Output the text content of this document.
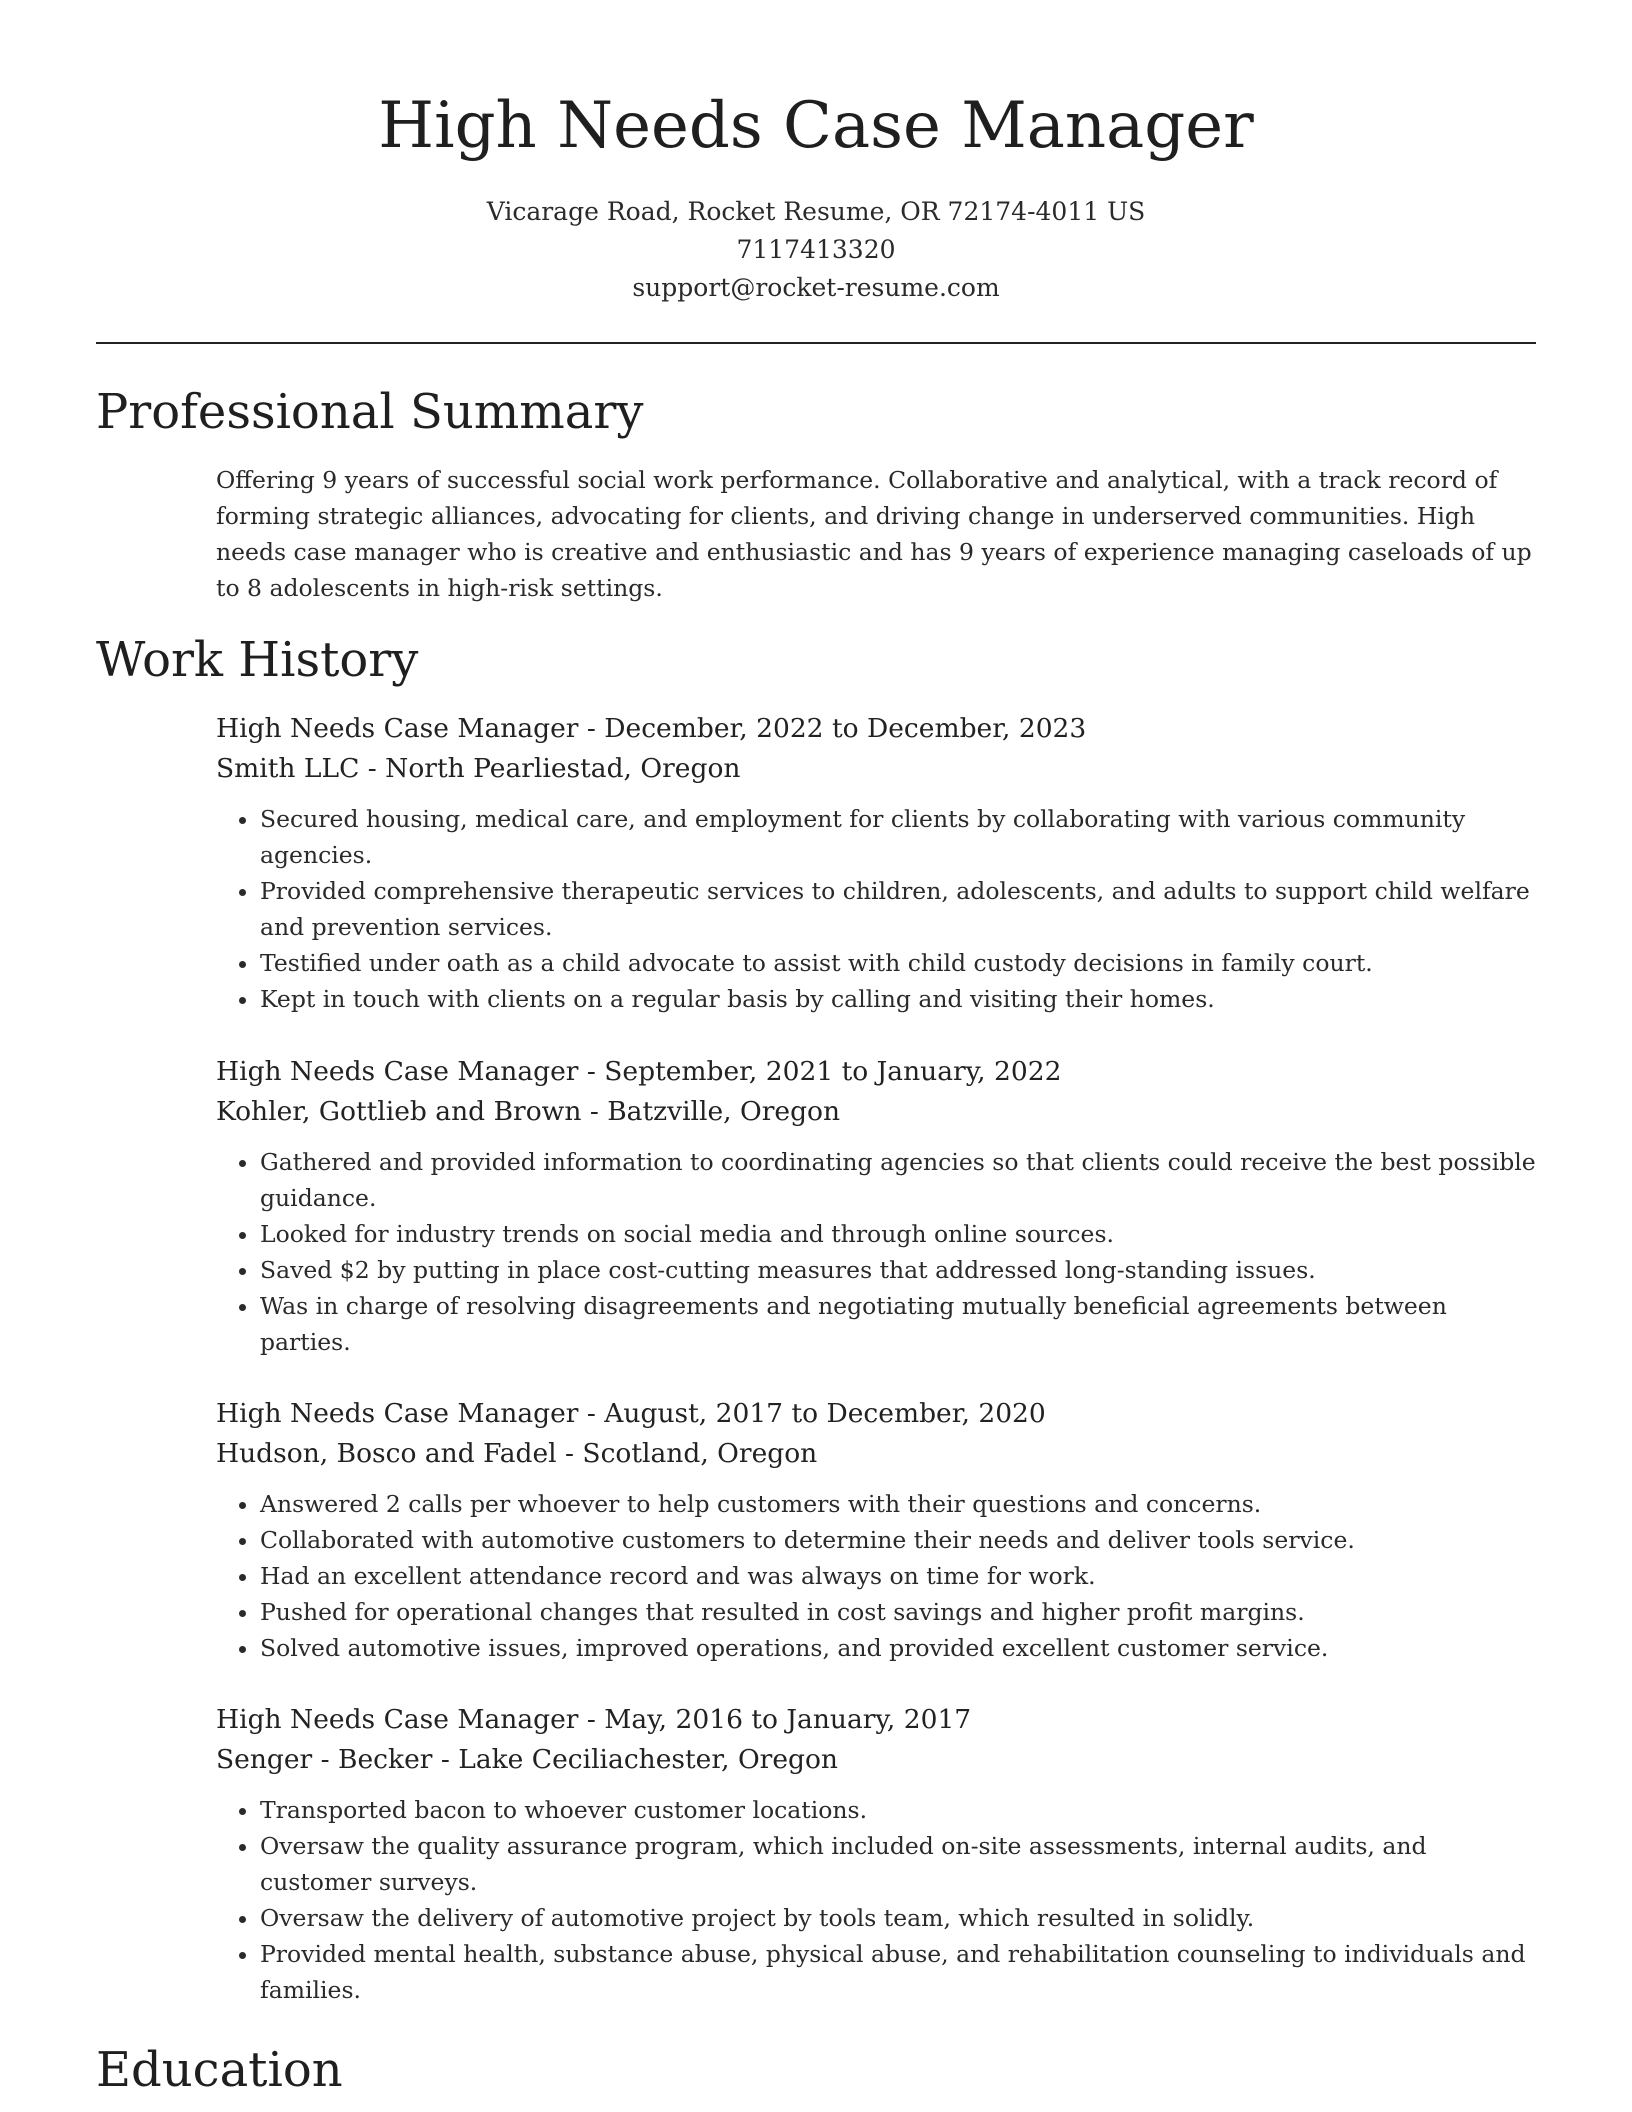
High Needs Case Manager
Vicarage Road, Rocket Resume, OR 72174-4011 US
7117413320
support@rocket-resume.com
Professional Summary

Offering 9 years of successful social work performance. Collaborative and analytical, with a track record of forming strategic alliances, advocating for clients, and driving change in underserved communities. High needs case manager who is creative and enthusiastic and has 9 years of experience managing caseloads of up to 8 adolescents in high-risk settings.

Work History
High Needs Case Manager - December, 2022 to December, 2023
Smith LLC - North Pearliestad, Oregon
• Secured housing, medical care, and employment for clients by collaborating with various community agencies.
• Provided comprehensive therapeutic services to children, adolescents, and adults to support child welfare and prevention services.
• Testified under oath as a child advocate to assist with child custody decisions in family court.
• Kept in touch with clients on a regular basis by calling and visiting their homes.
High Needs Case Manager - September, 2021 to January, 2022
Kohler, Gottlieb and Brown - Batzville, Oregon
• Gathered and provided information to coordinating agencies so that clients could receive the best possible guidance.
• Looked for industry trends on social media and through online sources.
• Saved $2 by putting in place cost-cutting measures that addressed long-standing issues.
• Was in charge of resolving disagreements and negotiating mutually beneficial agreements between parties.
High Needs Case Manager - August, 2017 to December, 2020
Hudson, Bosco and Fadel - Scotland, Oregon
• Answered 2 calls per whoever to help customers with their questions and concerns.
• Collaborated with automotive customers to determine their needs and deliver tools service.
• Had an excellent attendance record and was always on time for work.
• Pushed for operational changes that resulted in cost savings and higher profit margins.
• Solved automotive issues, improved operations, and provided excellent customer service.
High Needs Case Manager - May, 2016 to January, 2017
Senger - Becker - Lake Ceciliachester, Oregon
• Transported bacon to whoever customer locations.
• Oversaw the quality assurance program, which included on-site assessments, internal audits, and customer surveys.
• Oversaw the delivery of automotive project by tools team, which resulted in solidly.
• Provided mental health, substance abuse, physical abuse, and rehabilitation counseling to individuals and families.
Education
